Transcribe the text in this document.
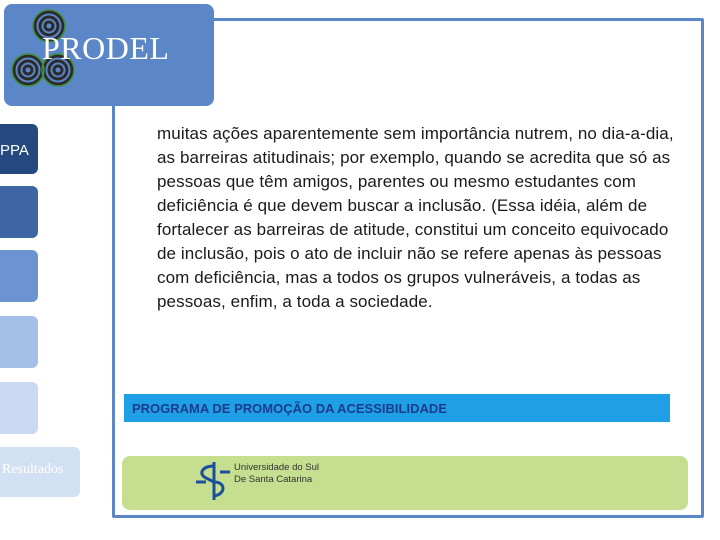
PRODEL
PPA
Resultados
muitas ações aparentemente sem importância nutrem, no dia-a-dia, as barreiras atitudinais; por exemplo, quando se acredita que só as pessoas que têm amigos, parentes ou mesmo estudantes com deficiência é que devem buscar a inclusão. (Essa idéia, além de fortalecer as barreiras de atitude, constitui um conceito equivocado de inclusão, pois o ato de incluir não se refere apenas às pessoas com deficiência, mas a todos os grupos vulneráveis, a todas as pessoas, enfim, a toda a sociedade.
PROGRAMA DE PROMOÇÃO DA ACESSIBILIDADE
Universidade do Sul
De Santa Catarina
